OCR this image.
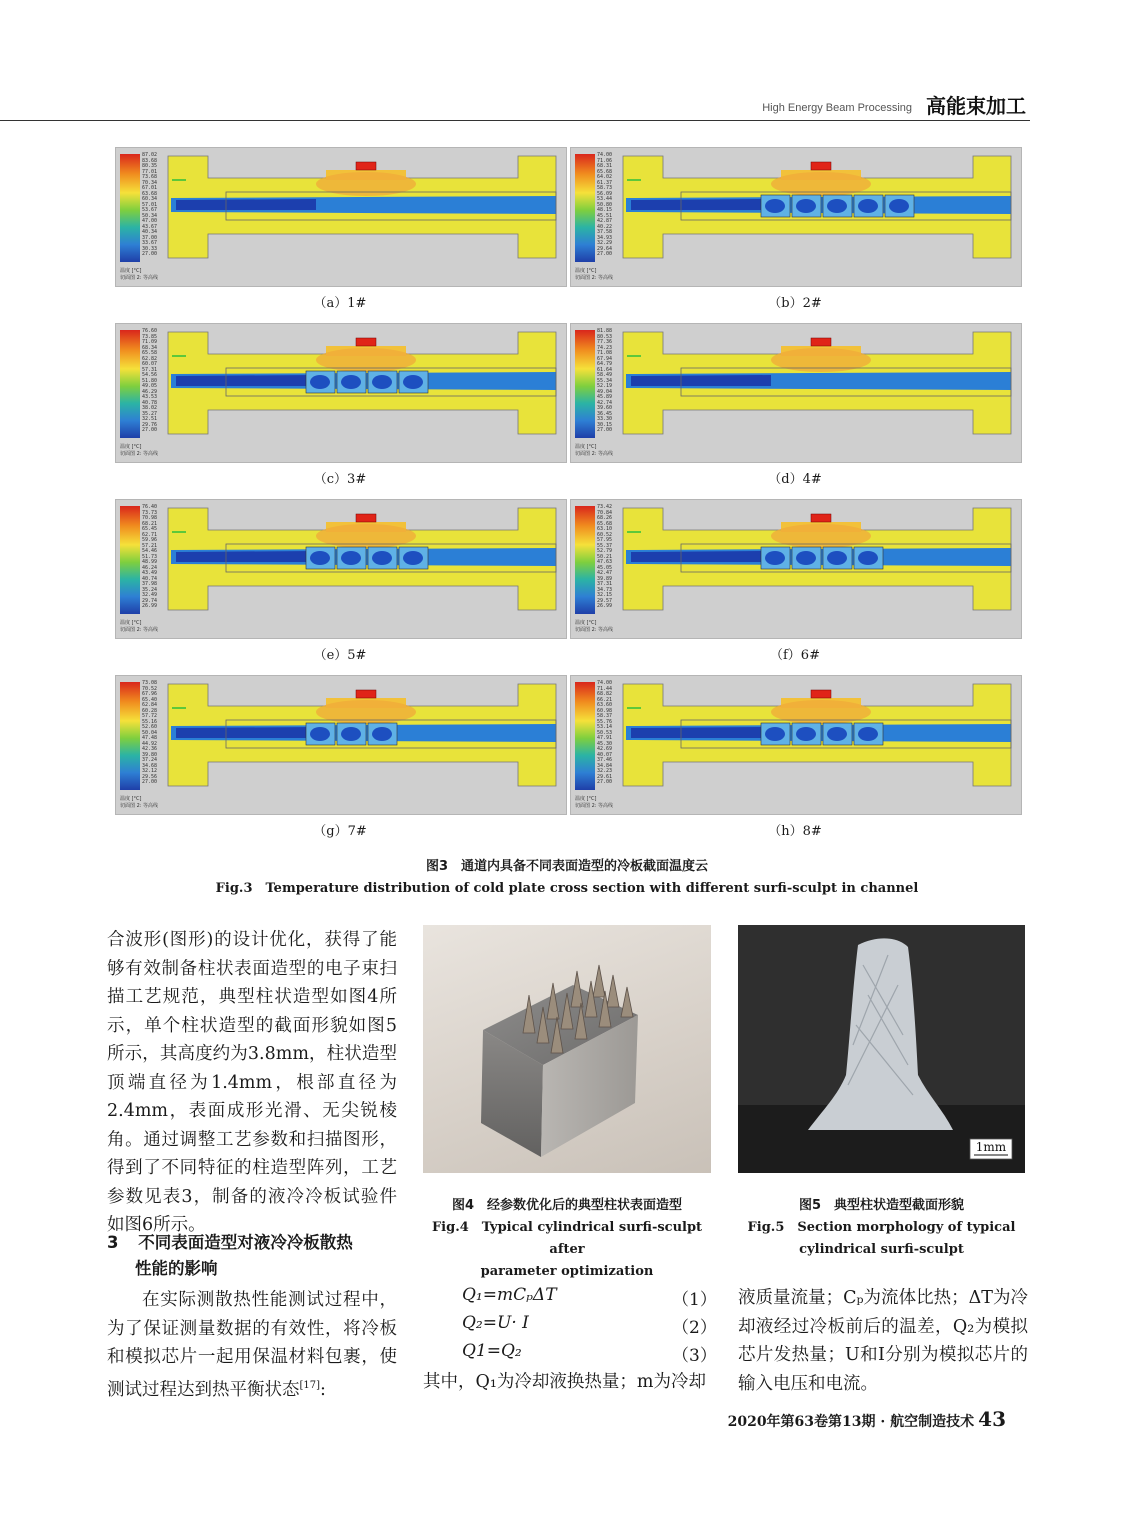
High Energy Beam Processing 高能束加工
87.02
83.68
80.35
77.01
73.68
70.34
67.01
63.68
60.34
57.01
53.67
50.34
47.00
43.67
40.34
37.00
33.67
30.33
27.00
温度 [°C]
切面图 2: 等高线
（a）1#
74.00
71.06
68.31
65.68
64.02
61.37
58.73
56.09
53.44
50.80
48.15
45.51
42.87
40.22
37.58
34.93
32.29
29.64
27.00
温度 [°C]
切面图 2: 等高线
（b）2#
76.60
73.85
71.09
68.34
65.58
62.82
60.07
57.31
54.56
51.80
49.05
46.29
43.53
40.78
38.02
35.27
32.51
29.76
27.00
温度 [°C]
切面图 2: 等高线
（c）3#
81.88
80.53
77.36
74.23
71.08
67.94
64.79
61.64
58.49
55.34
52.19
49.04
45.89
42.74
39.60
36.45
33.30
30.15
27.00
温度 [°C]
切面图 2: 等高线
（d）4#
76.40
73.73
70.98
68.21
65.45
62.71
59.96
57.21
54.46
51.73
48.99
46.24
43.49
40.74
37.98
35.24
32.49
29.74
26.99
温度 [°C]
切面图 2: 等高线
（e）5#
73.42
70.84
68.26
65.68
63.10
60.52
57.95
55.37
52.79
50.21
47.63
45.05
42.47
39.89
37.31
34.73
32.15
29.57
26.99
温度 [°C]
切面图 2: 等高线
（f）6#
73.08
70.52
67.96
65.40
62.84
60.28
57.72
55.16
52.60
50.04
47.48
44.92
42.36
39.80
37.24
34.68
32.12
29.56
27.00
温度 [°C]
切面图 2: 等高线
（g）7#
74.00
71.44
68.82
66.21
63.60
60.98
58.37
55.76
53.14
50.53
47.91
45.30
42.69
40.07
37.46
34.84
32.23
29.61
27.00
温度 [°C]
切面图 2: 等高线
（h）8#
图3　通道内具备不同表面造型的冷板截面温度云
Fig.3　Temperature distribution of cold plate cross section with different surfi-sculpt in channel
合波形(图形)的设计优化，获得了能够有效制备柱状表面造型的电子束扫描工艺规范，典型柱状造型如图4所示，单个柱状造型的截面形貌如图5所示，其高度约为3.8mm，柱状造型顶端直径为1.4mm，根部直径为2.4mm，表面成形光滑、无尖锐棱角。通过调整工艺参数和扫描图形，得到了不同特征的柱造型阵列，工艺参数见表3，制备的液冷冷板试验件如图6所示。
3 不同表面造型对液冷冷板散热
性能的影响
在实际测散热性能测试过程中，为了保证测量数据的有效性，将冷板和模拟芯片一起用保温材料包裹，使测试过程达到热平衡状态[17]:
图4　经参数优化后的典型柱状表面造型
Fig.4　Typical cylindrical surfi-sculpt after
parameter optimization
1mm
图5　典型柱状造型截面形貌
Fig.5　Section morphology of typical
cylindrical surfi-sculpt
Q₁=mCₚΔT	（1）
Q₂=U· I	（2）
Q1=Q₂	（3）
其中，Q₁为冷却液换热量；m为冷却
液质量流量；Cₚ为流体比热；ΔT为冷却液经过冷板前后的温差，Q₂为模拟芯片发热量；U和I分别为模拟芯片的输入电压和电流。
2020年第63卷第13期 · 航空制造技术 43
